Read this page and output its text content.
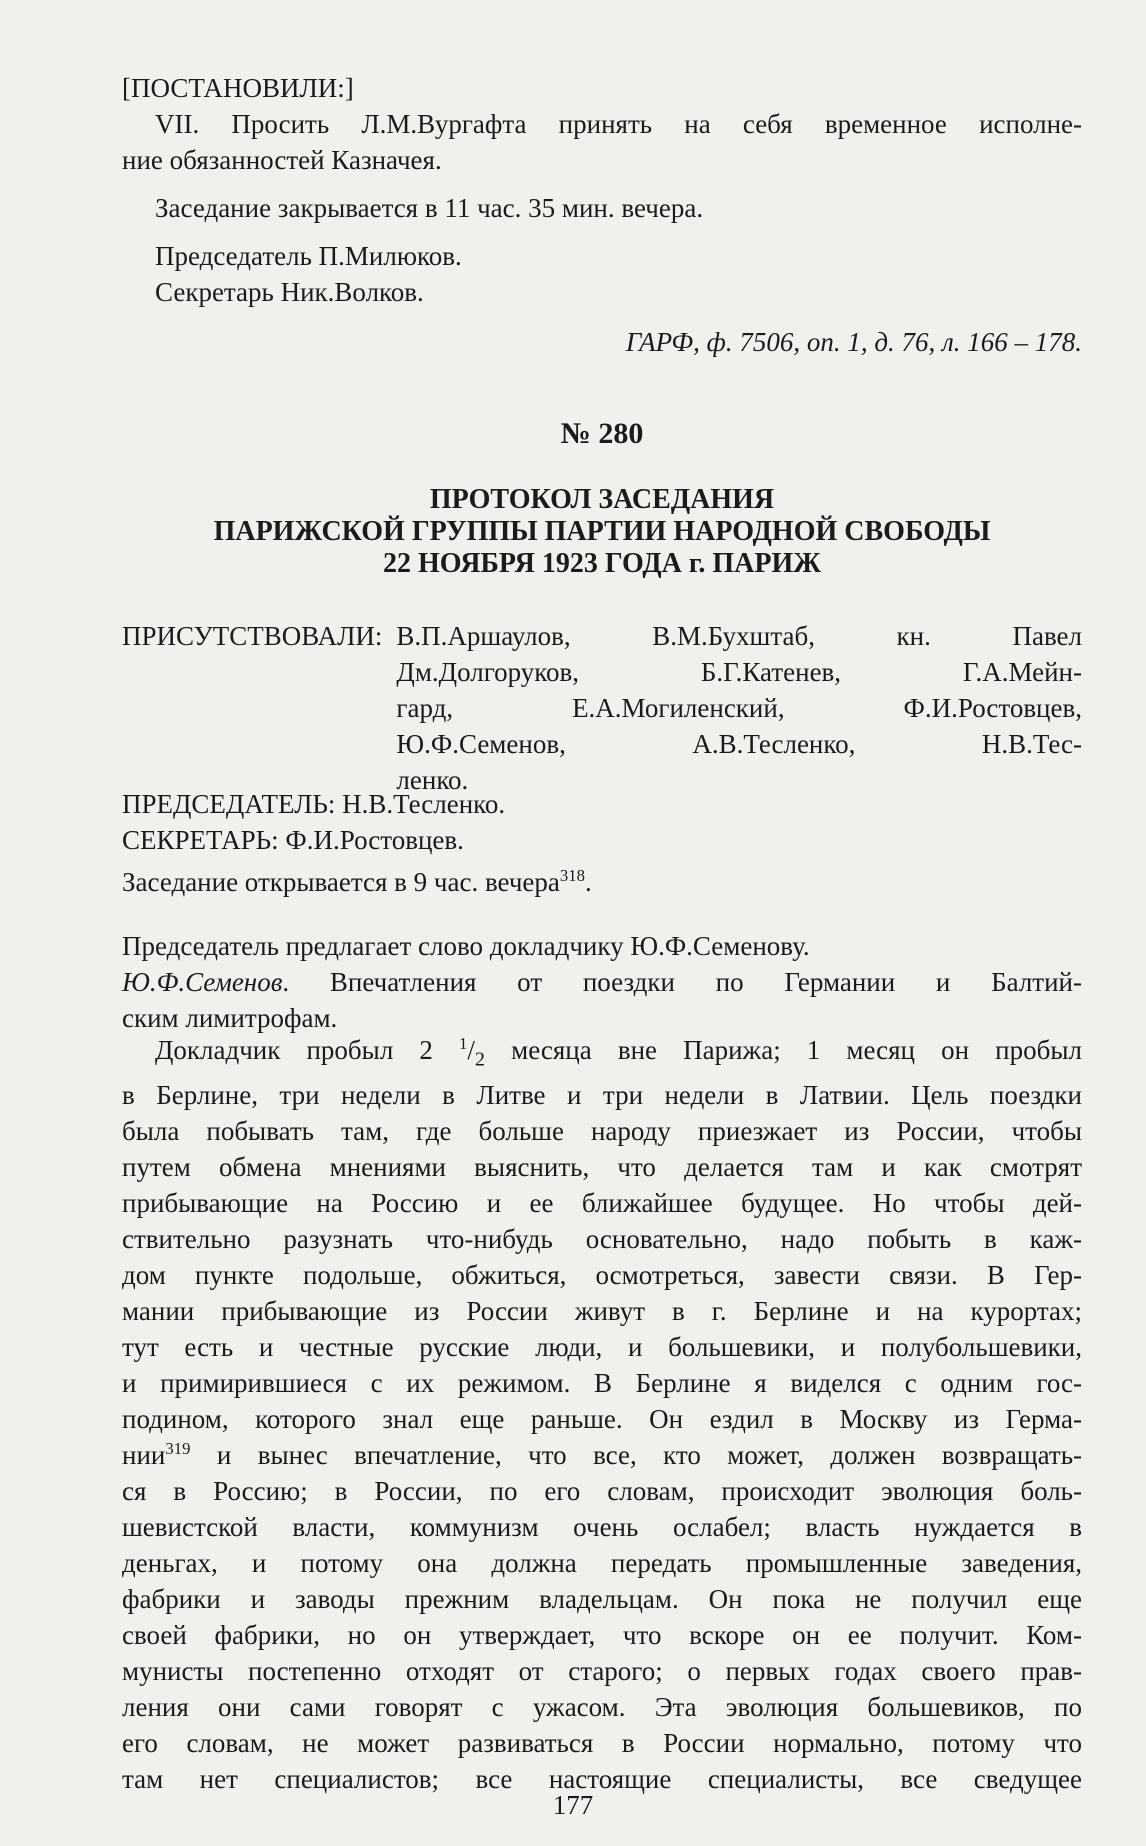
[ПОСТАНОВИЛИ:]

VII. Просить Л.М.Вургафта принять на себя временное исполне-

ние обязанностей Казначея.

Заседание закрывается в 11 час. 35 мин. вечера.

Председатель П.Милюков.

Секретарь Ник.Волков.

ГАРФ, ф. 7506, оп. 1, д. 76, л. 166 – 178.

№ 280

ПРОТОКОЛ ЗАСЕДАНИЯ

ПАРИЖСКОЙ ГРУППЫ ПАРТИИ НАРОДНОЙ СВОБОДЫ

22 НОЯБРЯ 1923 ГОДА г. ПАРИЖ

ПРИСУТСТВОВАЛИ: В.П.Аршаулов, В.М.Бухштаб, кн. Павел

Дм.Долгоруков, Б.Г.Катенев, Г.А.Мейн-

гард, Е.А.Могиленский, Ф.И.Ростовцев,

Ю.Ф.Семенов, А.В.Тесленко, Н.В.Тес-

ленко.

ПРЕДСЕДАТЕЛЬ: Н.В.Тесленко.

СЕКРЕТАРЬ: Ф.И.Ростовцев.

Заседание открывается в 9 час. вечера$^{318}$.

Председатель предлагает слово докладчику Ю.Ф.Семенову.

Ю.Ф.Семенов. Впечатления от поездки по Германии и Балтий-

ским лимитрофам.

Докладчик пробыл 2 $^1/_2$ месяца вне Парижа; 1 месяц он пробыл

в Берлине, три недели в Литве и три недели в Латвии. Цель поездки

была побывать там, где больше народу приезжает из России, чтобы

путем обмена мнениями выяснить, что делается там и как смотрят

прибывающие на Россию и ее ближайшее будущее. Но чтобы дей-

ствительно разузнать что-нибудь основательно, надо побыть в каж-

дом пункте подольше, обжиться, осмотреться, завести связи. В Гер-

мании прибывающие из России живут в г. Берлине и на курортах;

тут есть и честные русские люди, и большевики, и полубольшевики,

и примирившиеся с их режимом. В Берлине я виделся с одним гос-

подином, которого знал еще раньше. Он ездил в Москву из Герма-

нии$^{319}$ и вынес впечатление, что все, кто может, должен возвращать-

ся в Россию; в России, по его словам, происходит эволюция боль-

шевистской власти, коммунизм очень ослабел; власть нуждается в

деньгах, и потому она должна передать промышленные заведения,

фабрики и заводы прежним владельцам. Он пока не получил еще

своей фабрики, но он утверждает, что вскоре он ее получит. Ком-

мунисты постепенно отходят от старого; о первых годах своего прав-

ления они сами говорят с ужасом. Эта эволюция большевиков, по

его словам, не может развиваться в России нормально, потому что

там нет специалистов; все настоящие специалисты, все сведущее

177
